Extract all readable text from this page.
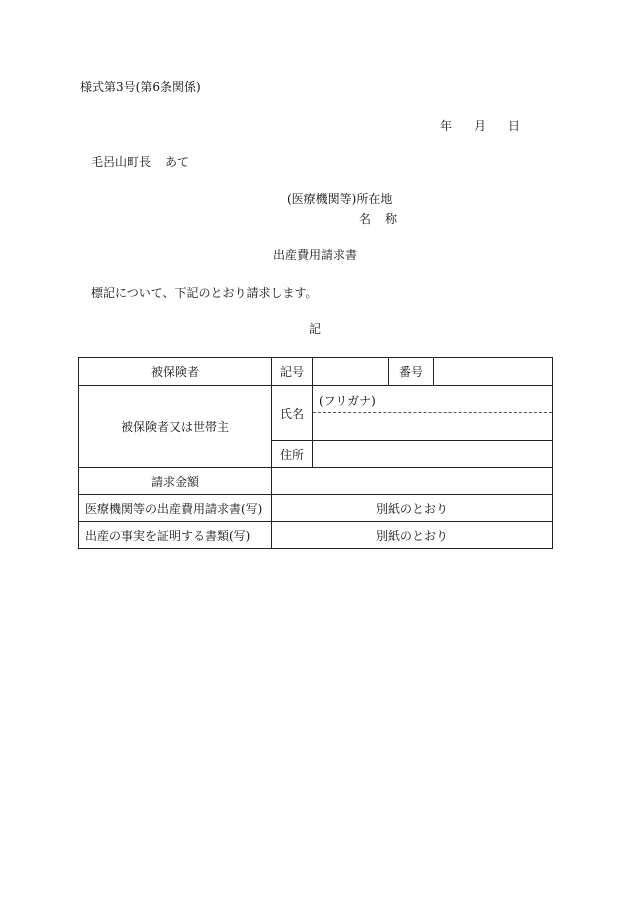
様式第3号(第6条関係)
年 月 日
毛呂山町長 あて
(医療機関等)所在地
名 称
出産費用請求書
標記について、下記のとおり請求します。
記
被保険者	記号		番号	
被保険者又は世帯主	氏名	(フリガナ)		

	住所			
請求金額				
医療機関等の出産費用請求書(写)	別紙のとおり			
出産の事実を証明する書類(写)	別紙のとおり			
